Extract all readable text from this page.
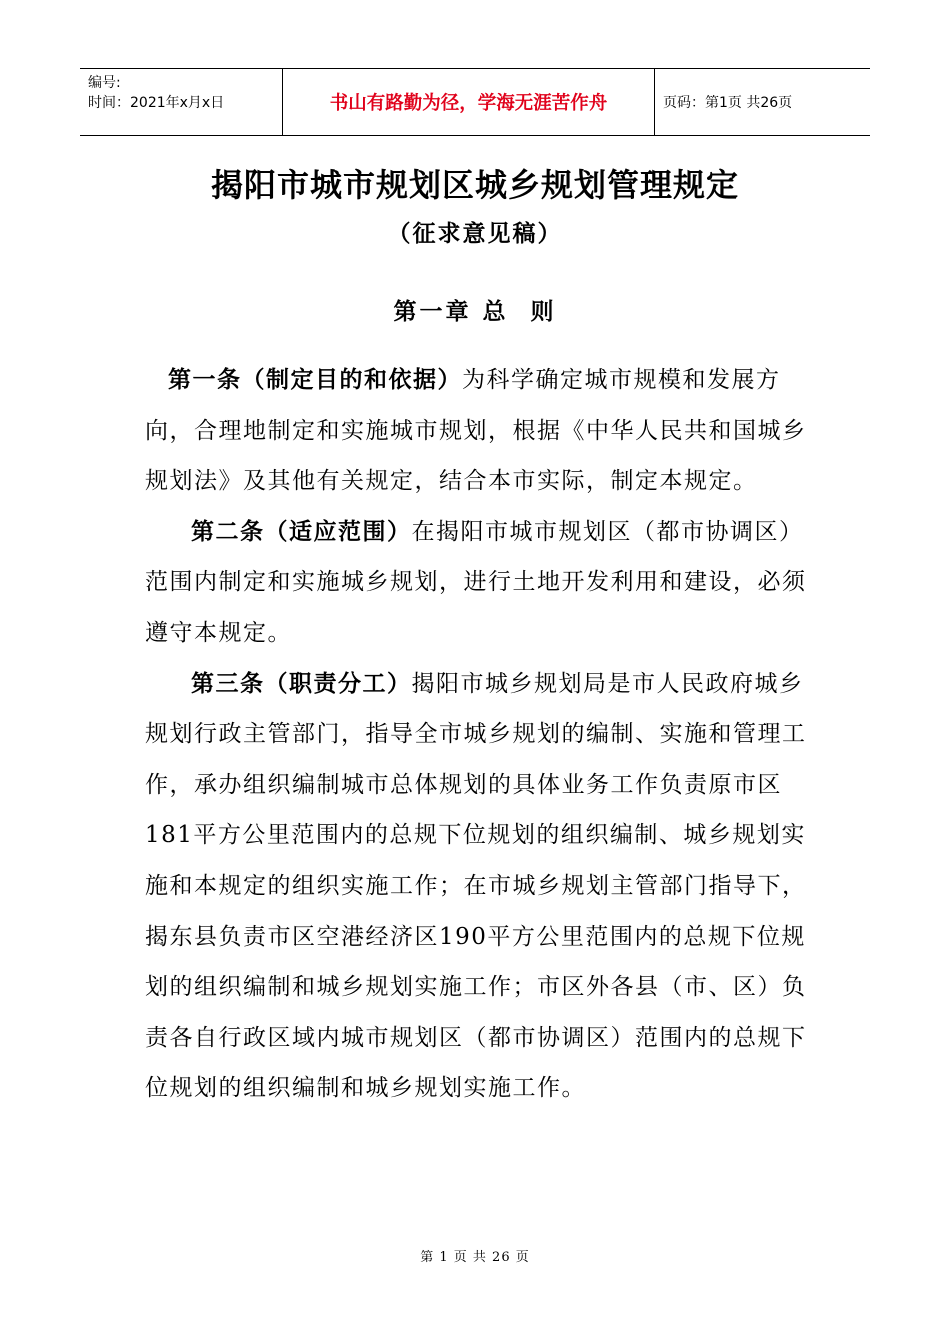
编号:
时间：2021年x月x日	书山有路勤为径，学海无涯苦作舟	页码：第1页 共26页
揭阳市城市规划区城乡规划管理规定
（征求意见稿）
第一章 总  则

第一条（制定目的和依据）为科学确定城市规模和发展方向，合理地制定和实施城市规划，根据《中华人民共和国城乡规划法》及其他有关规定，结合本市实际，制定本规定。

第二条（适应范围）在揭阳市城市规划区（都市协调区）范围内制定和实施城乡规划，进行土地开发利用和建设，必须遵守本规定。

第三条（职责分工）揭阳市城乡规划局是市人民政府城乡规划行政主管部门，指导全市城乡规划的编制、实施和管理工作，承办组织编制城市总体规划的具体业务工作负责原市区181平方公里范围内的总规下位规划的组织编制、城乡规划实施和本规定的组织实施工作；在市城乡规划主管部门指导下，揭东县负责市区空港经济区190平方公里范围内的总规下位规划的组织编制和城乡规划实施工作；市区外各县（市、区）负责各自行政区域内城市规划区（都市协调区）范围内的总规下位规划的组织编制和城乡规划实施工作。

第 1 页 共 26 页
